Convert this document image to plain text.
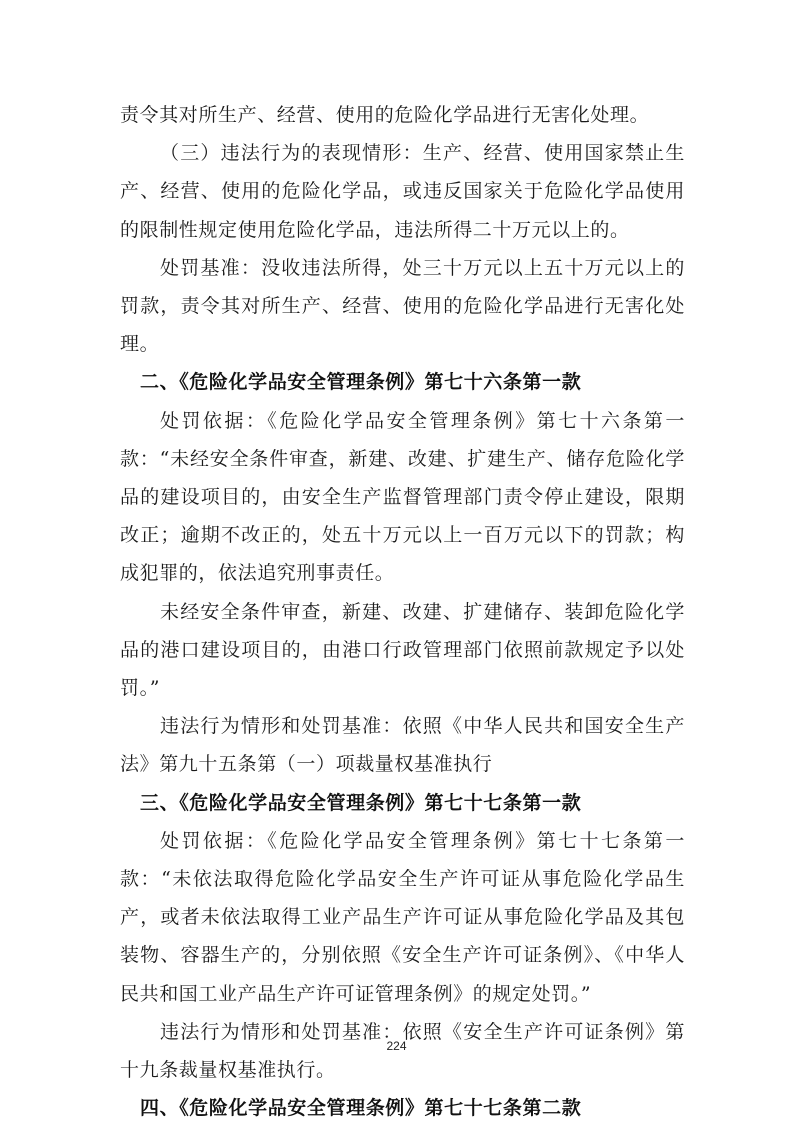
责令其对所生产、经营、使用的危险化学品进行无害化处理。

（三）违法行为的表现情形：生产、经营、使用国家禁止生产、经营、使用的危险化学品，或违反国家关于危险化学品使用的限制性规定使用危险化学品，违法所得二十万元以上的。

处罚基准：没收违法所得，处三十万元以上五十万元以上的罚款，责令其对所生产、经营、使用的危险化学品进行无害化处理。

二、《危险化学品安全管理条例》第七十六条第一款

处罚依据：《危险化学品安全管理条例》第七十六条第一款：“未经安全条件审查，新建、改建、扩建生产、储存危险化学品的建设项目的，由安全生产监督管理部门责令停止建设，限期改正；逾期不改正的，处五十万元以上一百万元以下的罚款；构成犯罪的，依法追究刑事责任。

未经安全条件审查，新建、改建、扩建储存、装卸危险化学品的港口建设项目的，由港口行政管理部门依照前款规定予以处罚。”

违法行为情形和处罚基准：依照《中华人民共和国安全生产法》第九十五条第（一）项裁量权基准执行

三、《危险化学品安全管理条例》第七十七条第一款

处罚依据：《危险化学品安全管理条例》第七十七条第一款：“未依法取得危险化学品安全生产许可证从事危险化学品生产，或者未依法取得工业产品生产许可证从事危险化学品及其包装物、容器生产的，分别依照《安全生产许可证条例》、《中华人民共和国工业产品生产许可证管理条例》的规定处罚。”

违法行为情形和处罚基准：依照《安全生产许可证条例》第十九条裁量权基准执行。

四、《危险化学品安全管理条例》第七十七条第二款

224
